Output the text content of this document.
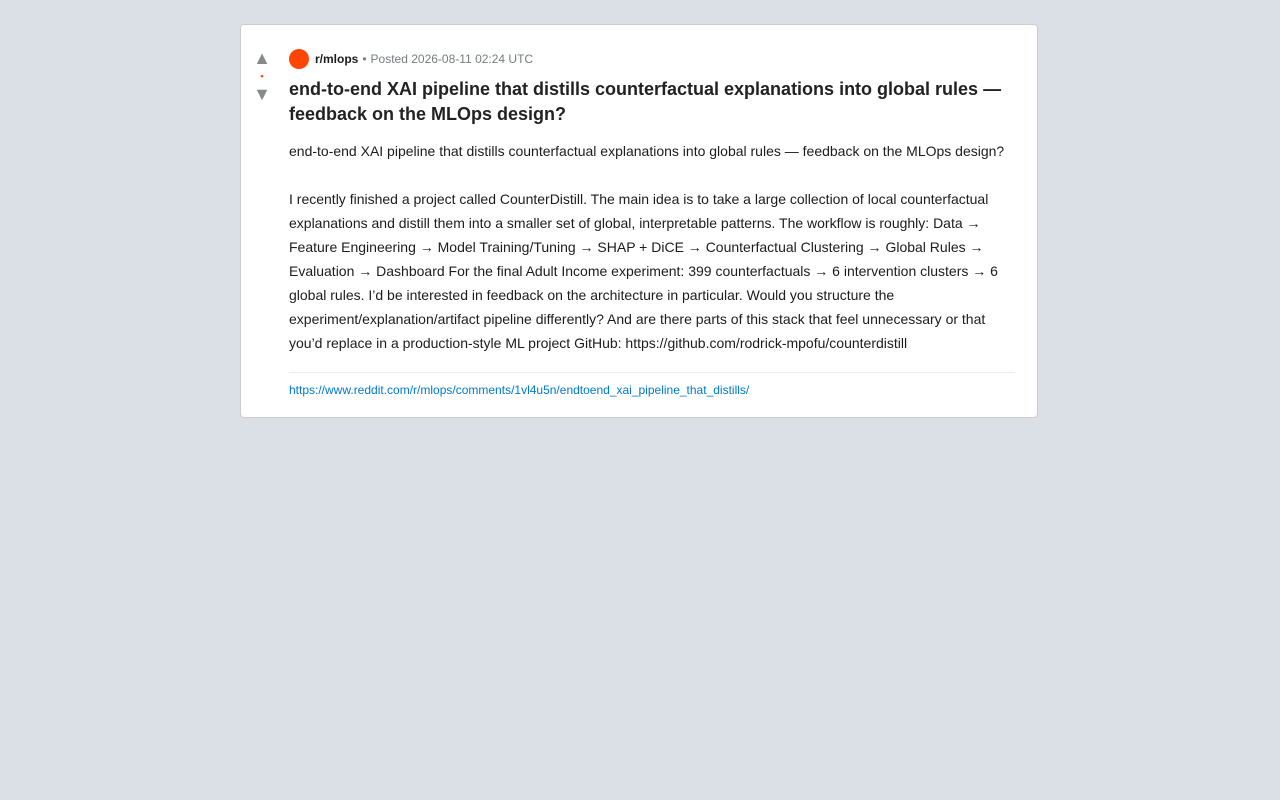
▲
•
▼
r/mlops • Posted 2026-08-11 02:24 UTC
end-to-end XAI pipeline that distills counterfactual explanations into global rules — feedback on the MLOps design?

end-to-end XAI pipeline that distills counterfactual explanations into global rules — feedback on the MLOps design?

I recently finished a project called CounterDistill. The main idea is to take a large collection of local counterfactual explanations and distill them into a smaller set of global, interpretable patterns. The workflow is roughly: Data → Feature Engineering → Model Training/Tuning → SHAP + DiCE → Counterfactual Clustering → Global Rules → Evaluation → Dashboard For the final Adult Income experiment: 399 counterfactuals → 6 intervention clusters → 6 global rules. I’d be interested in feedback on the architecture in particular. Would you structure the experiment/explanation/artifact pipeline differently? And are there parts of this stack that feel unnecessary or that you’d replace in a production-style ML project GitHub: https://github.com/rodrick-mpofu/counterdistill

https://www.reddit.com/r/mlops/comments/1vl4u5n/endtoend_xai_pipeline_that_distills/
